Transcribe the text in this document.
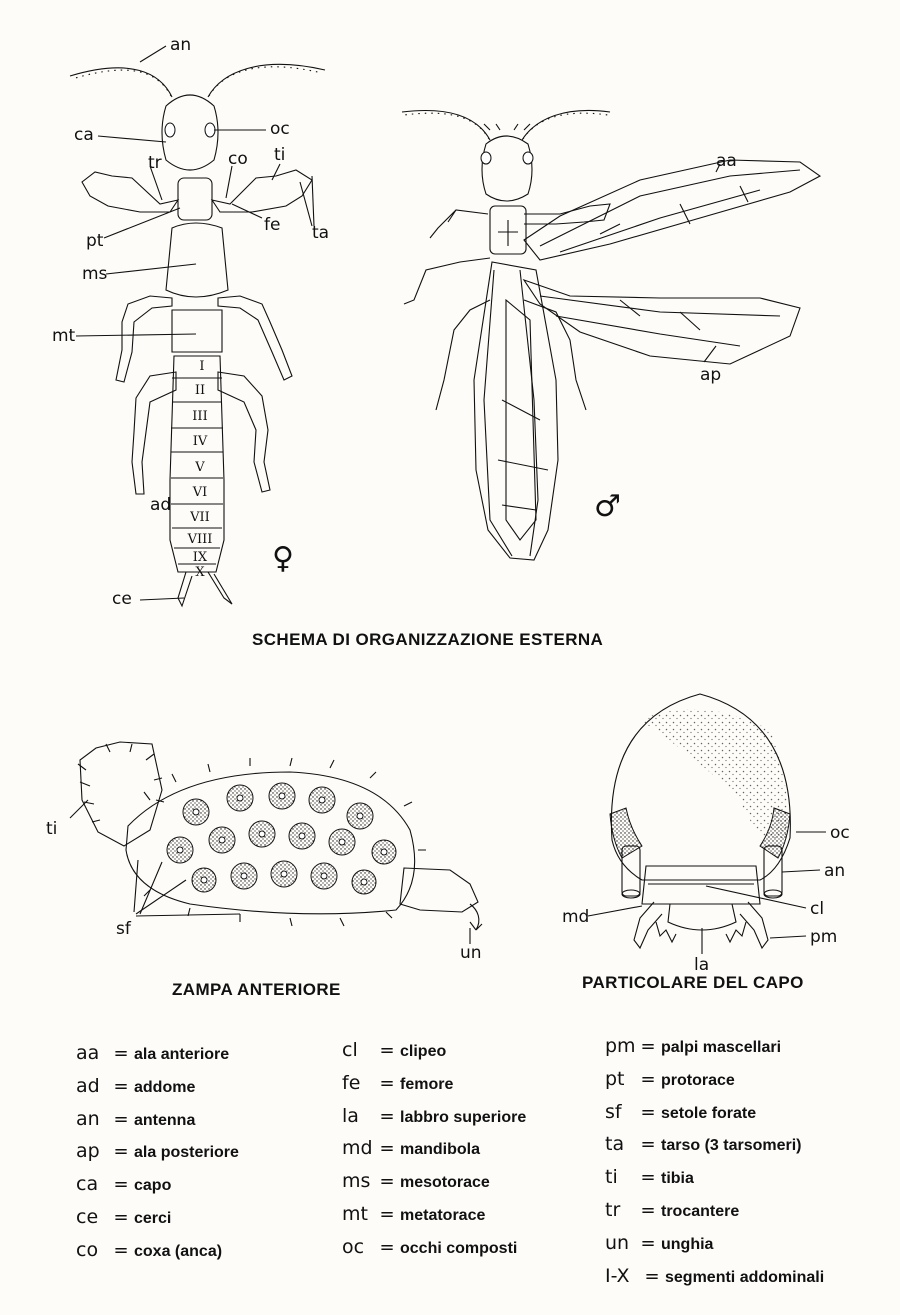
I
II
III
IV
V
VI
VII
VIII
IX
X
an
ca	oc
tr	co ti
pt
fe ta
ms
mt
ad
ce
♀
aa
ap
♂
ti
sf
un
oc
an
cl
md
pm
la
SCHEMA DI ORGANIZZAZIONE ESTERNA
ZAMPA ANTERIORE	PARTICOLARE DEL CAPO
aa = ala anteriore
ad = addome
an = antenna
ap = ala posteriore
ca = capo
ce = cerci
co = coxa (anca)
cl	= clipeo
fe	= femore
la	= labbro superiore
md = mandibola
ms = mesotorace
mt = metatorace
oc = occhi composti
pm = palpi mascellari
pt = protorace
sf	= setole forate
ta = tarso (3 tarsomeri)
ti	= tibia
tr	= trocantere
un = unghia
I-X = segmenti addominali
